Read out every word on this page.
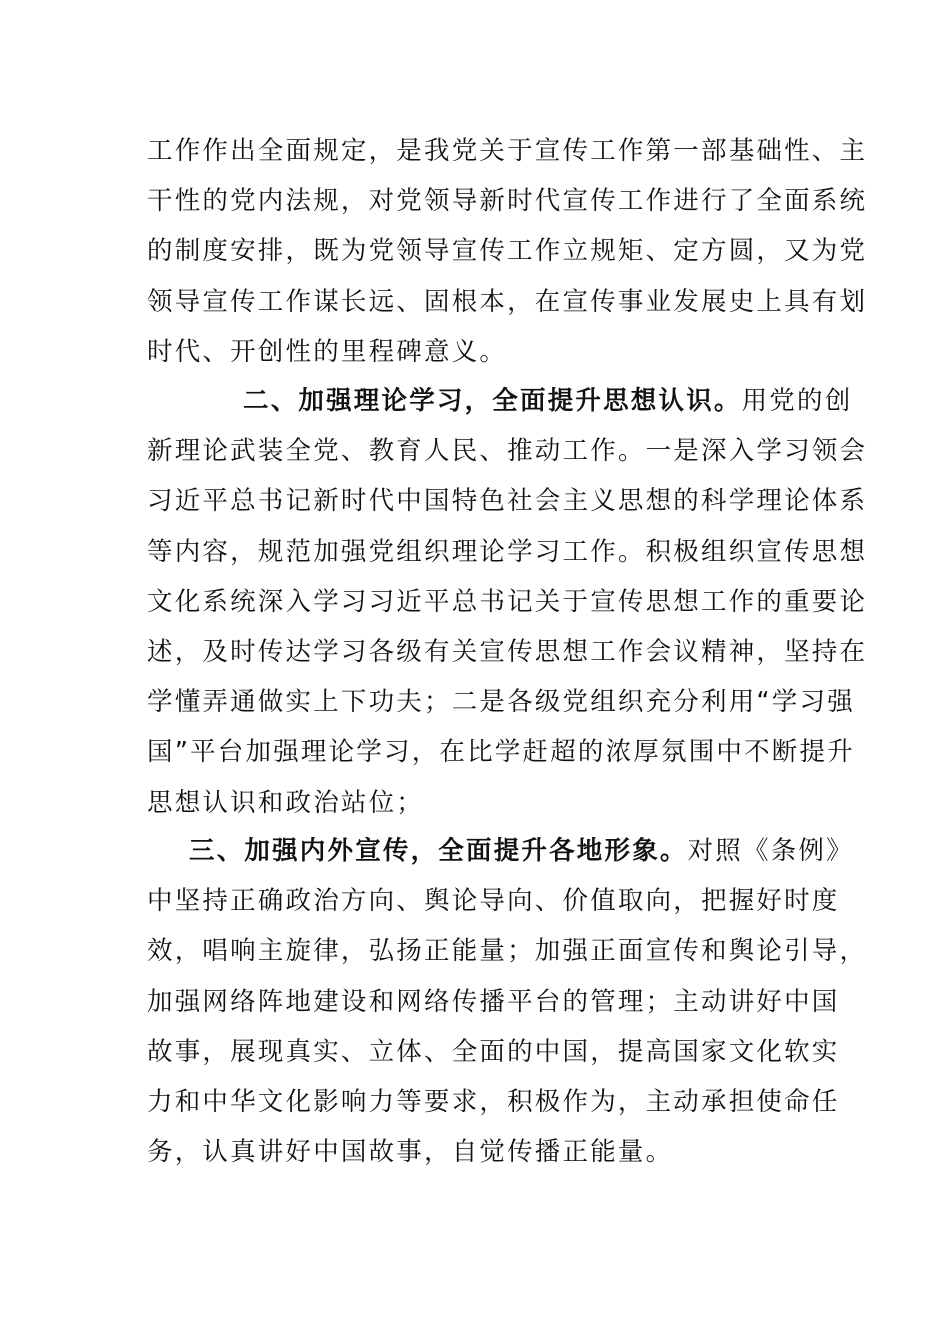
工作作出全面规定，是我党关于宣传工作第一部基础性、主
干性的党内法规，对党领导新时代宣传工作进行了全面系统
的制度安排，既为党领导宣传工作立规矩、定方圆，又为党
领导宣传工作谋长远、固根本，在宣传事业发展史上具有划
时代、开创性的里程碑意义。
二、加强理论学习，全面提升思想认识。用党的创
新理论武装全党、教育人民、推动工作。一是深入学习领会
习近平总书记新时代中国特色社会主义思想的科学理论体系
等内容，规范加强党组织理论学习工作。积极组织宣传思想
文化系统深入学习习近平总书记关于宣传思想工作的重要论
述，及时传达学习各级有关宣传思想工作会议精神，坚持在
学懂弄通做实上下功夫；二是各级党组织充分利用“学习强
国”平台加强理论学习，在比学赶超的浓厚氛围中不断提升
思想认识和政治站位；
三、加强内外宣传，全面提升各地形象。对照《条例》
中坚持正确政治方向、舆论导向、价值取向，把握好时度
效，唱响主旋律，弘扬正能量；加强正面宣传和舆论引导，
加强网络阵地建设和网络传播平台的管理；主动讲好中国
故事，展现真实、立体、全面的中国，提高国家文化软实
力和中华文化影响力等要求，积极作为，主动承担使命任
务，认真讲好中国故事，自觉传播正能量。
